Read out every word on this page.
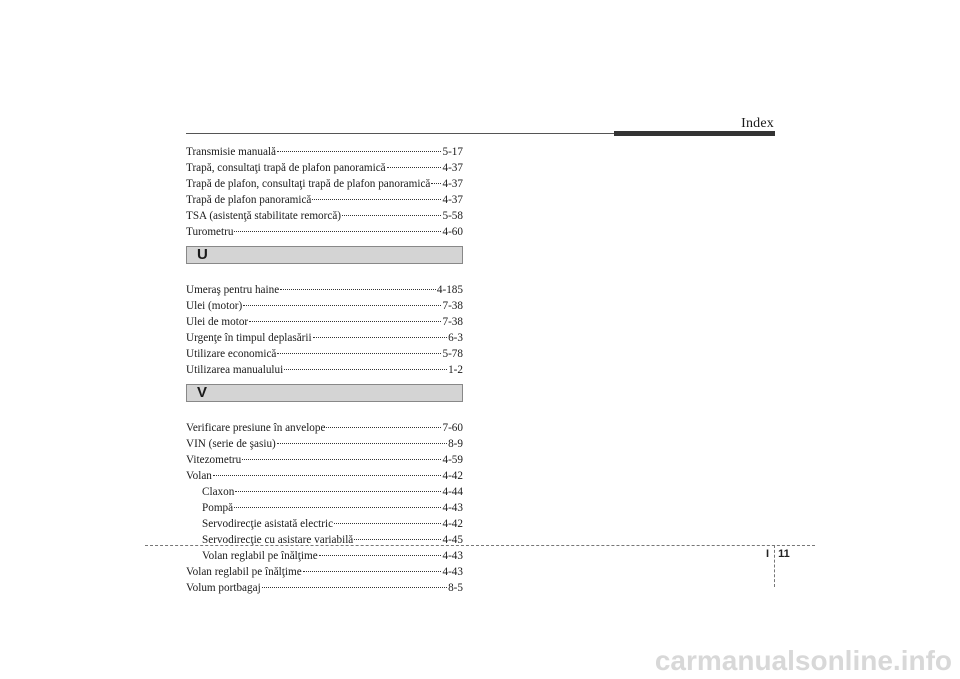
Index
Transmisie manuală	5-17
Trapă, consultaţi trapă de plafon panoramică	4-37
Trapă de plafon, consultaţi trapă de plafon panoramică 4-37
Trapă de plafon panoramică	4-37
TSA (asistenţă stabilitate remorcă)	5-58
Turometru	4-60
U
Umeraş pentru haine	4-185
Ulei (motor)	7-38
Ulei de motor	7-38
Urgenţe în timpul deplasării	6-3
Utilizare economică	5-78
Utilizarea manualului	1-2
V
Verificare presiune în anvelope	7-60
VIN (serie de şasiu)	8-9
Vitezometru	4-59
Volan	4-42
Claxon	4-44
Pompă	4-43
Servodirecţie asistată electric	4-42
Servodirecţie cu asistare variabilă	4-45
Volan reglabil pe înălţime	4-43
Volan reglabil pe înălţime	4-43
Volum portbagaj	8-5
I 11
carmanualsonline.info
